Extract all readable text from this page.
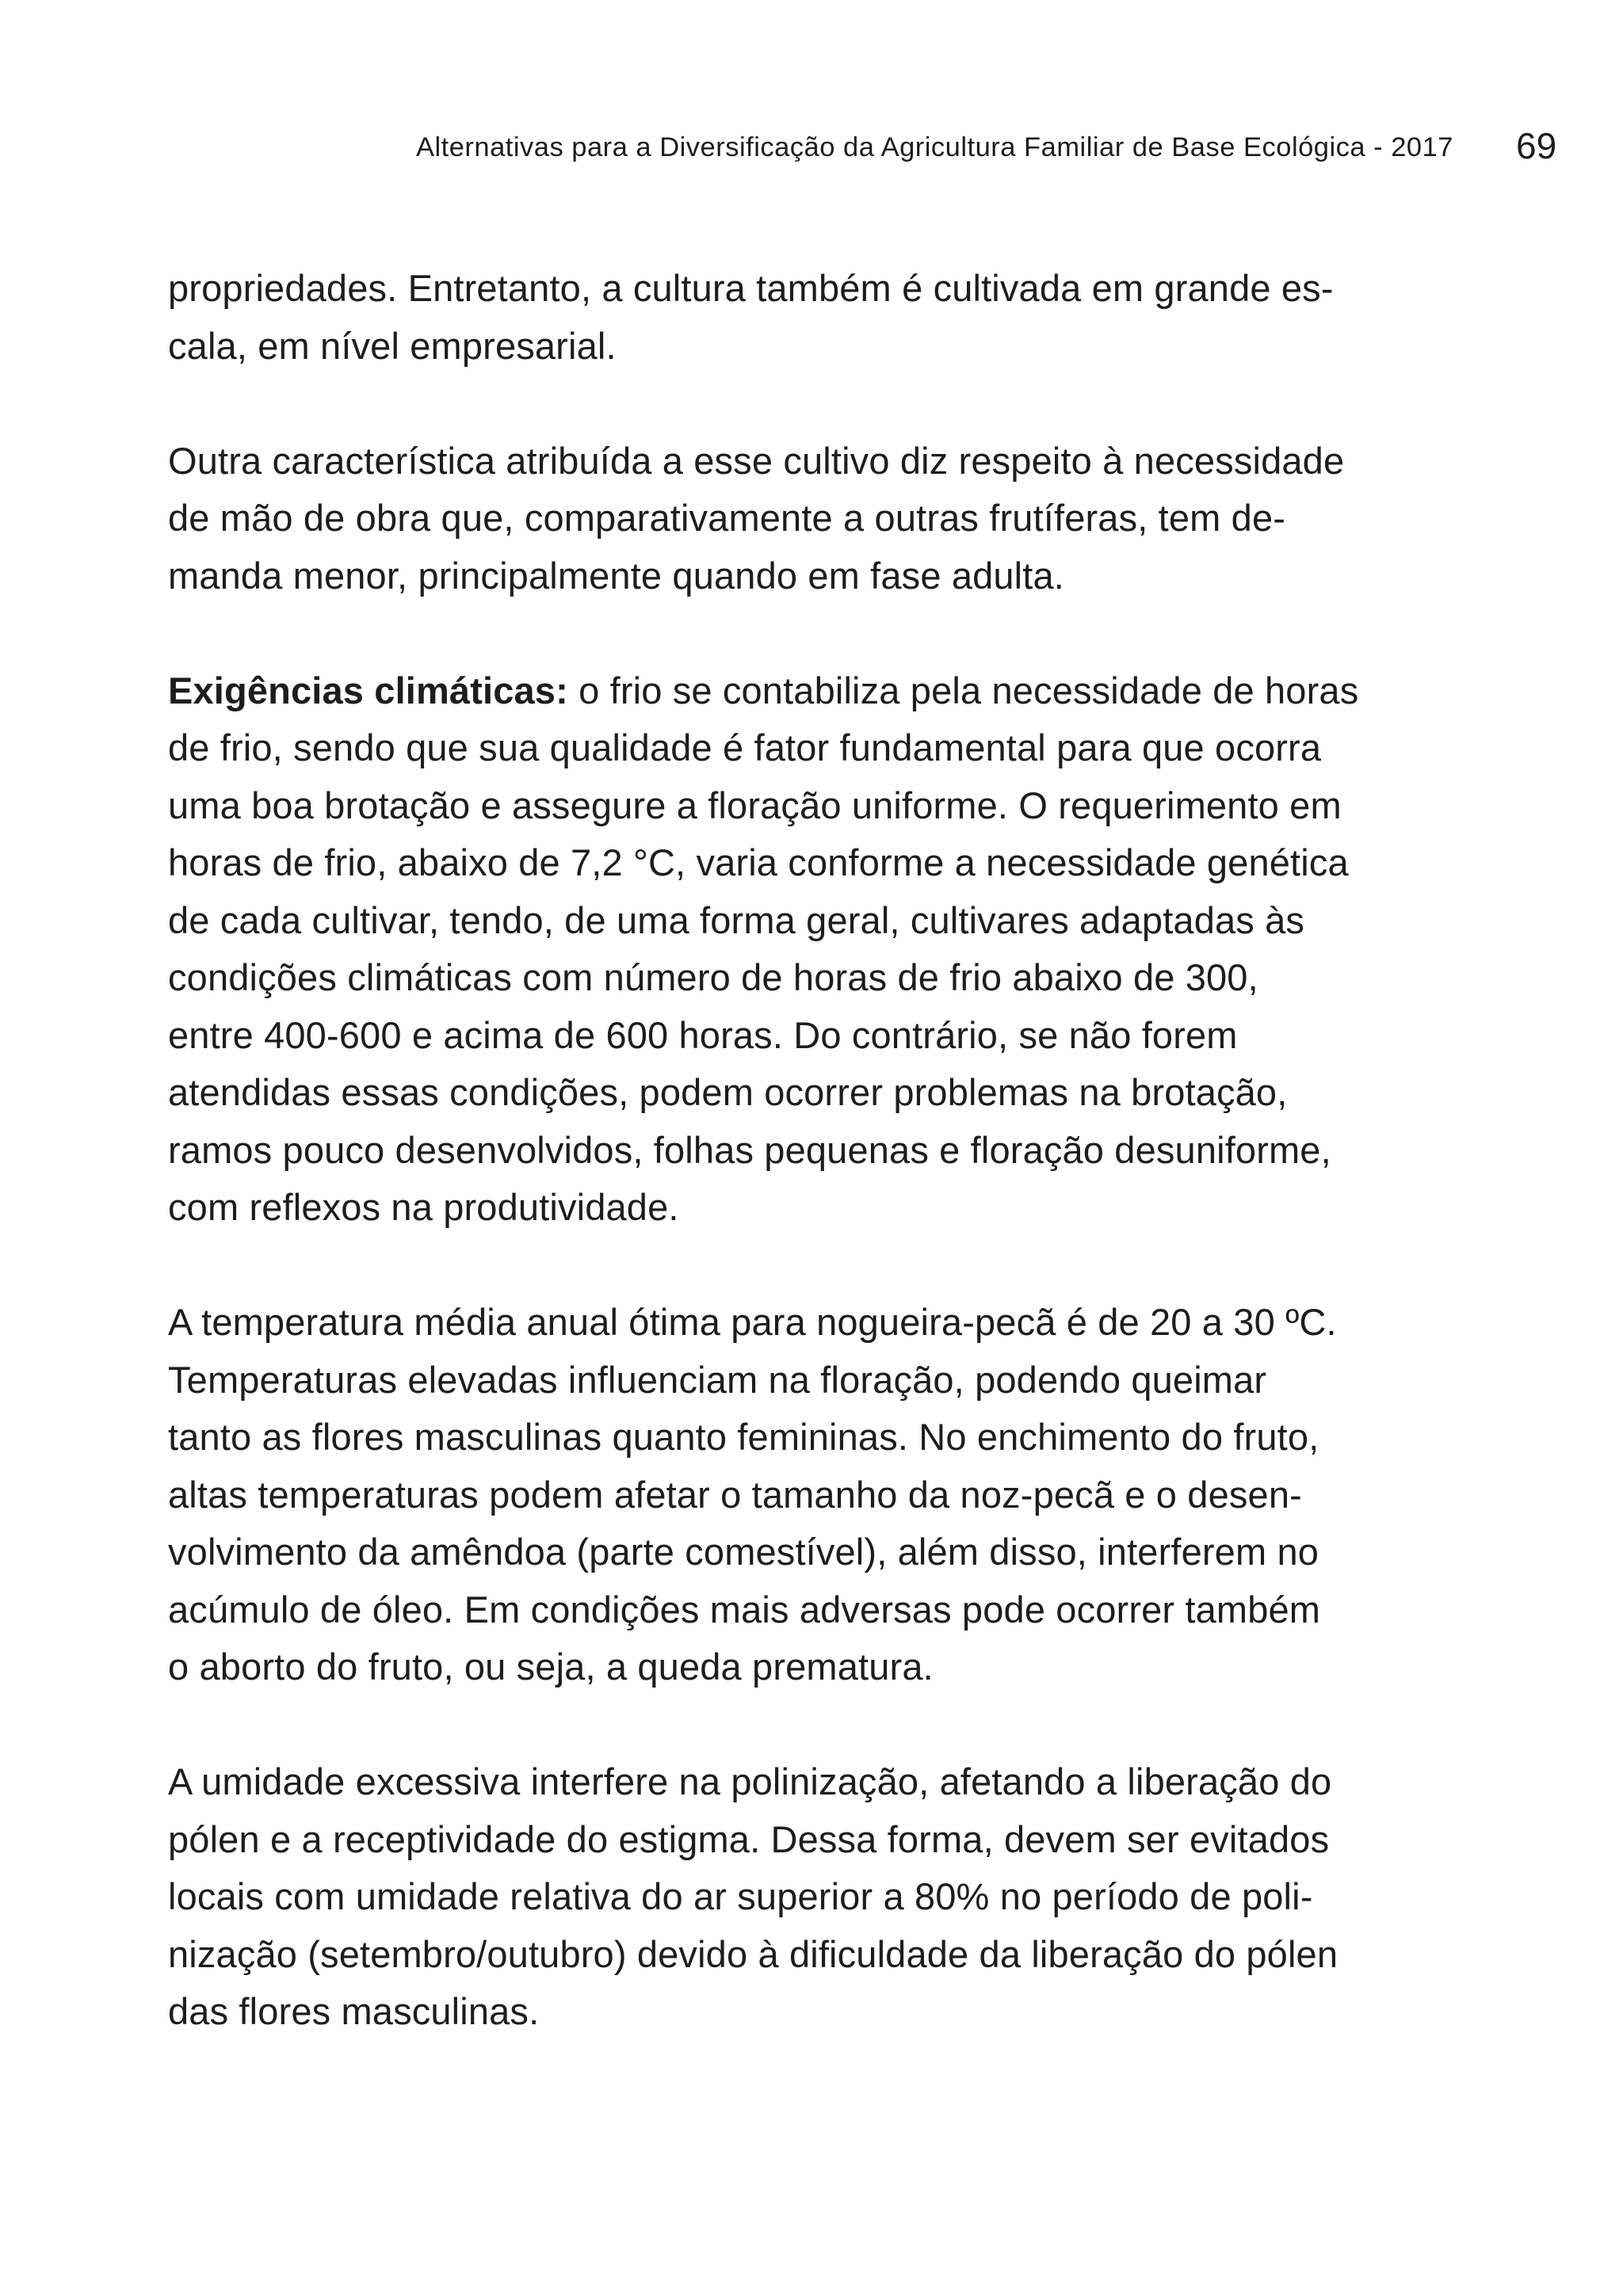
Alternativas para a Diversificação da Agricultura Familiar de Base Ecológica - 2017 69

propriedades. Entretanto, a cultura também é cultivada em grande es-
cala, em nível empresarial.

Outra característica atribuída a esse cultivo diz respeito à necessidade
de mão de obra que, comparativamente a outras frutíferas, tem de-
manda menor, principalmente quando em fase adulta.

Exigências climáticas: o frio se contabiliza pela necessidade de horas
de frio, sendo que sua qualidade é fator fundamental para que ocorra
uma boa brotação e assegure a floração uniforme. O requerimento em
horas de frio, abaixo de 7,2 °C, varia conforme a necessidade genética
de cada cultivar, tendo, de uma forma geral, cultivares adaptadas às
condições climáticas com número de horas de frio abaixo de 300,
entre 400-600 e acima de 600 horas. Do contrário, se não forem
atendidas essas condições, podem ocorrer problemas na brotação,
ramos pouco desenvolvidos, folhas pequenas e floração desuniforme,
com reflexos na produtividade.

A temperatura média anual ótima para nogueira-pecã é de 20 a 30 ºC.
Temperaturas elevadas influenciam na floração, podendo queimar
tanto as flores masculinas quanto femininas. No enchimento do fruto,
altas temperaturas podem afetar o tamanho da noz-pecã e o desen-
volvimento da amêndoa (parte comestível), além disso, interferem no
acúmulo de óleo. Em condições mais adversas pode ocorrer também
o aborto do fruto, ou seja, a queda prematura.

A umidade excessiva interfere na polinização, afetando a liberação do
pólen e a receptividade do estigma. Dessa forma, devem ser evitados
locais com umidade relativa do ar superior a 80% no período de poli-
nização (setembro/outubro) devido à dificuldade da liberação do pólen
das flores masculinas.
